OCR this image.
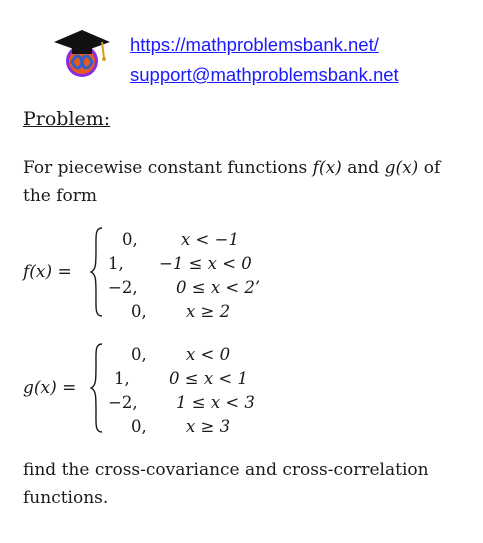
https://mathproblemsbank.net/
support@mathproblemsbank.net
Problem:
For piecewise constant functions f(x) and g(x) of the form
f(x) =
0,	x < −1
1, −1 ≤ x < 0
−2, 0 ≤ x < 2’
0, x ≥ 2
g(x) =
0, x < 0
1, 0 ≤ x < 1
−2, 1 ≤ x < 3
0, x ≥ 3
find the cross-covariance and cross-correlation functions.
